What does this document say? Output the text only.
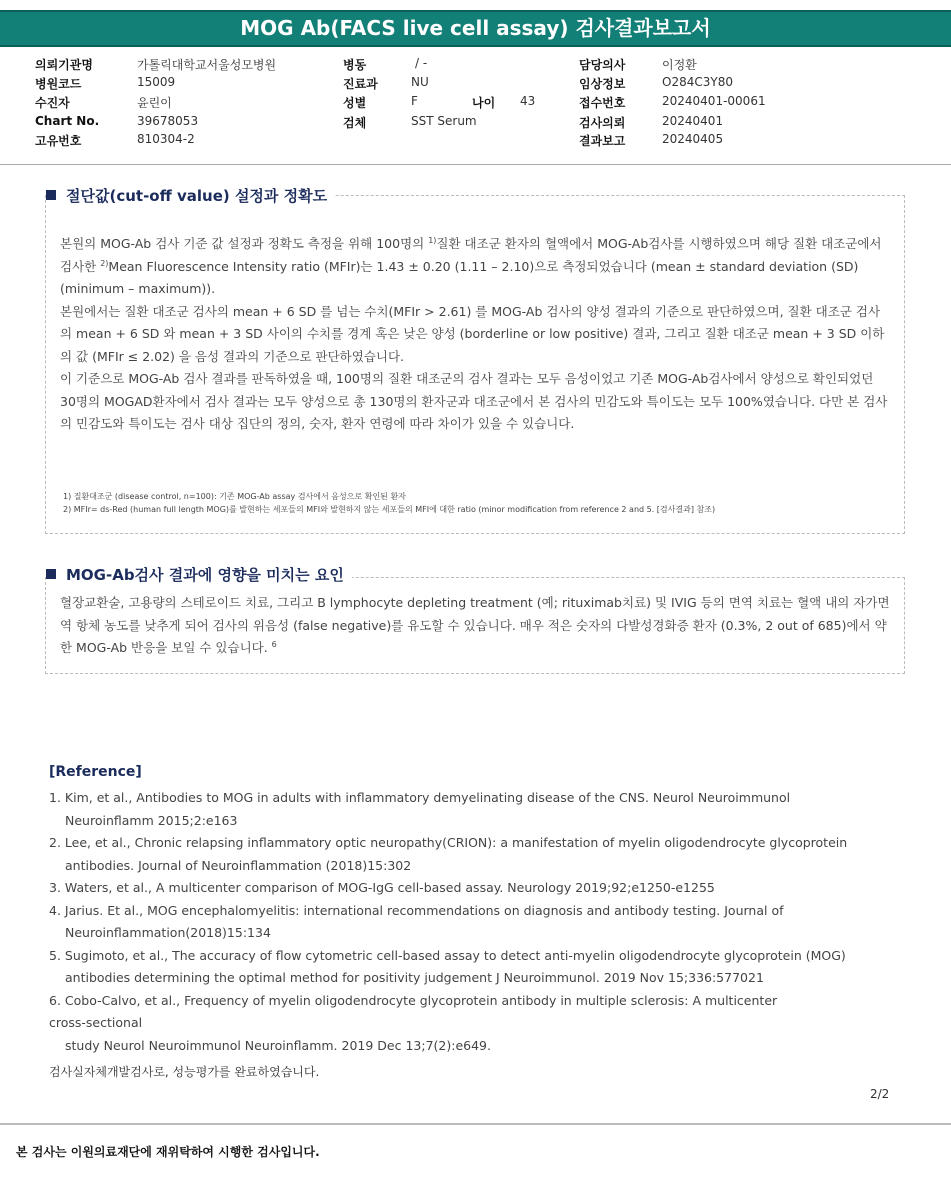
MOG Ab(FACS live cell assay) 검사결과보고서
의뢰기관명	가톨릭대학교서울성모병원	병동	/ -	담당의사	이정환
병원코드	15009	진료과	NU	임상정보	O284C3Y80
수진자	윤린이	성별	F	나이 43	접수번호	20240401-00061
Chart No.	39678053	검체	SST Serum	검사의뢰	20240401
고유번호	810304-2	결과보고	20240405
절단값(cut-off value) 설정과 정확도

본원의 MOG-Ab 검사 기준 값 설정과 정확도 측정을 위해 100명의 $^{1)}$질환 대조군 환자의 혈액에서 MOG-Ab검사를 시행하였으며 해당 질환 대조군에서 검사한 $^{2)}$Mean Fluorescence Intensity ratio (MFIr)는 1.43 ± 0.20 (1.11 – 2.10)으로 측정되었습니다 (mean ± standard deviation (SD) (minimum – maximum)).

본원에서는 질환 대조군 검사의 mean + 6 SD 를 넘는 수치(MFIr > 2.61) 를 MOG-Ab 검사의 양성 결과의 기준으로 판단하였으며, 질환 대조군 검사의 mean + 6 SD 와 mean + 3 SD 사이의 수치를 경계 혹은 낮은 양성 (borderline or low positive) 결과, 그리고 질환 대조군 mean + 3 SD 이하의 값 (MFIr ≤ 2.02) 을 음성 결과의 기준으로 판단하였습니다.

이 기준으로 MOG-Ab 검사 결과를 판독하였을 때, 100명의 질환 대조군의 검사 결과는 모두 음성이었고 기존 MOG-Ab검사에서 양성으로 확인되었던 30명의 MOGAD환자에서 검사 결과는 모두 양성으로 총 130명의 환자군과 대조군에서 본 검사의 민감도와 특이도는 모두 100%였습니다. 다만 본 검사의 민감도와 특이도는 검사 대상 집단의 정의, 숫자, 환자 연령에 따라 차이가 있을 수 있습니다.

1) 질환대조군 (disease control, n=100): 기존 MOG-Ab assay 검사에서 음성으로 확인된 환자
2) MFIr= ds-Red (human full length MOG)를 발현하는 세포들의 MFI와 발현하지 않는 세포들의 MFI에 대한 ratio (minor modification from reference 2 and 5. [검사결과] 참조)
MOG-Ab검사 결과에 영향을 미치는 요인

혈장교환술, 고용량의 스테로이드 치료, 그리고 B lymphocyte depleting treatment (예; rituximab치료) 및 IVIG 등의 면역 치료는 혈액 내의 자가면역 항체 농도를 낮추게 되어 검사의 위음성 (false negative)를 유도할 수 있습니다. 매우 적은 숫자의 다발성경화증 환자 (0.3%, 2 out of 685)에서 약한 MOG-Ab 반응을 보일 수 있습니다. $^6$

[Reference]
1. Kim, et al., Antibodies to MOG in adults with inflammatory demyelinating disease of the CNS. Neurol Neuroimmunol
Neuroinflamm 2015;2:e163
2. Lee, et al., Chronic relapsing inflammatory optic neuropathy(CRION): a manifestation of myelin oligodendrocyte glycoprotein
antibodies. Journal of Neuroinflammation (2018)15:302
3. Waters, et al., A multicenter comparison of MOG-IgG cell-based assay. Neurology 2019;92;e1250-e1255
4. Jarius. Et al., MOG encephalomyelitis: international recommendations on diagnosis and antibody testing. Journal of
Neuroinflammation(2018)15:134
5. Sugimoto, et al., The accuracy of flow cytometric cell-based assay to detect anti-myelin oligodendrocyte glycoprotein (MOG)
antibodies determining the optimal method for positivity judgement J Neuroimmunol. 2019 Nov 15;336:577021
6. Cobo-Calvo, et al., Frequency of myelin oligodendrocyte glycoprotein antibody in multiple sclerosis: A multicenter
cross-sectional
study Neurol Neuroimmunol Neuroinflamm. 2019 Dec 13;7(2):e649.
검사실자체개발검사로, 성능평가를 완료하였습니다.
2/2
본 검사는 이원의료재단에 재위탁하여 시행한 검사입니다.
